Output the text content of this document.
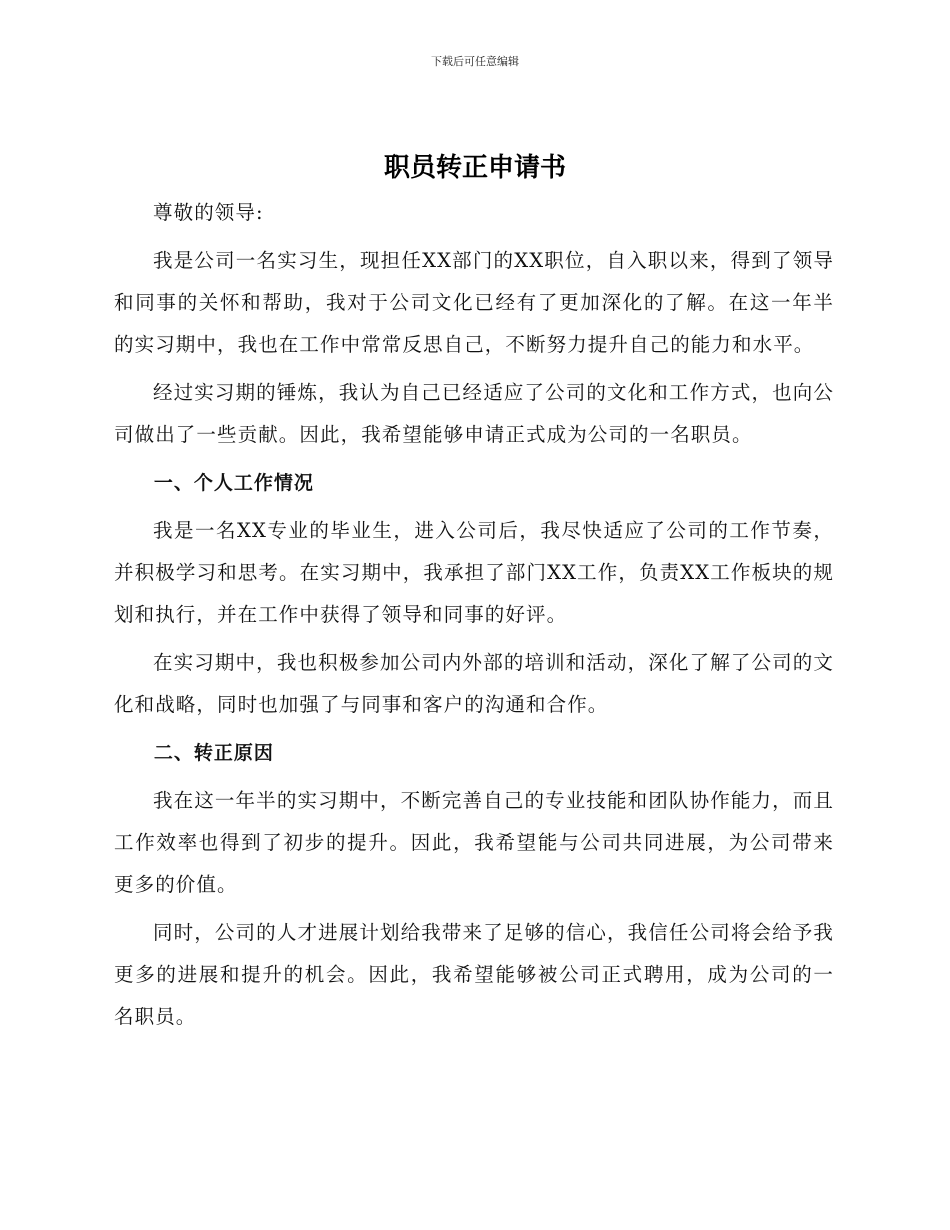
下载后可任意编辑
职员转正申请书

尊敬的领导:

我是公司一名实习生，现担任XX部门的XX职位，自入职以来，得到了领导和同事的关怀和帮助，我对于公司文化已经有了更加深化的了解。在这一年半的实习期中，我也在工作中常常反思自己，不断努力提升自己的能力和水平。

经过实习期的锤炼，我认为自己已经适应了公司的文化和工作方式，也向公司做出了一些贡献。因此，我希望能够申请正式成为公司的一名职员。

一、个人工作情况

我是一名XX专业的毕业生，进入公司后，我尽快适应了公司的工作节奏，并积极学习和思考。在实习期中，我承担了部门XX工作，负责XX工作板块的规划和执行，并在工作中获得了领导和同事的好评。

在实习期中，我也积极参加公司内外部的培训和活动，深化了解了公司的文化和战略，同时也加强了与同事和客户的沟通和合作。

二、转正原因

我在这一年半的实习期中，不断完善自己的专业技能和团队协作能力，而且工作效率也得到了初步的提升。因此，我希望能与公司共同进展，为公司带来更多的价值。

同时，公司的人才进展计划给我带来了足够的信心，我信任公司将会给予我更多的进展和提升的机会。因此，我希望能够被公司正式聘用，成为公司的一名职员。
